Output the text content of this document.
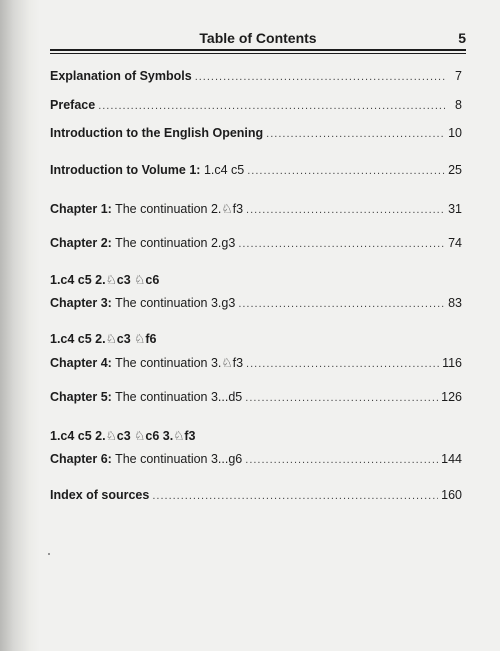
Table of Contents	5
Explanation of Symbols .....	7
Preface .....	8
Introduction to the English Opening .....	10
Introduction to Volume 1: 1.c4 c5 .....	25
Chapter 1: The continuation 2.♘f3 .....	31
Chapter 2: The continuation 2.g3 .....	74
1.c4 c5 2.♘c3 ♘c6
Chapter 3: The continuation 3.g3 .....	83
1.c4 c5 2.♘c3 ♘f6
Chapter 4: The continuation 3.♘f3 .....	116
Chapter 5: The continuation 3...d5 .....	126
1.c4 c5 2.♘c3 ♘c6 3.♘f3
Chapter 6: The continuation 3...g6 .....	144
Index of sources .....	160
